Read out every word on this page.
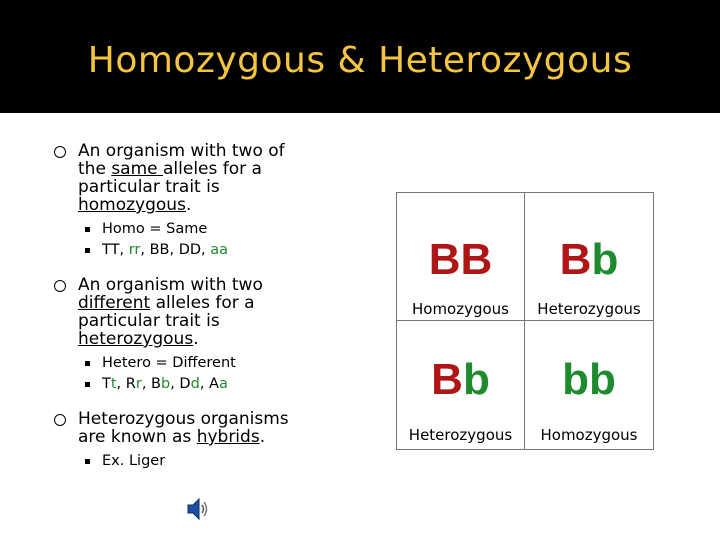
Homozygous & Heterozygous
An organism with two of
the same alleles for a
particular trait is
homozygous.
Homo = Same
TT, rr, BB, DD, aa
An organism with two
different alleles for a
particular trait is
heterozygous.
Hetero = Different
Tt, Rr, Bb, Dd, Aa
Heterozygous organisms
are known as hybrids.
Ex. Liger
BB
Homozygous
Bb
Heterozygous
Bb
Heterozygous
bb
Homozygous
